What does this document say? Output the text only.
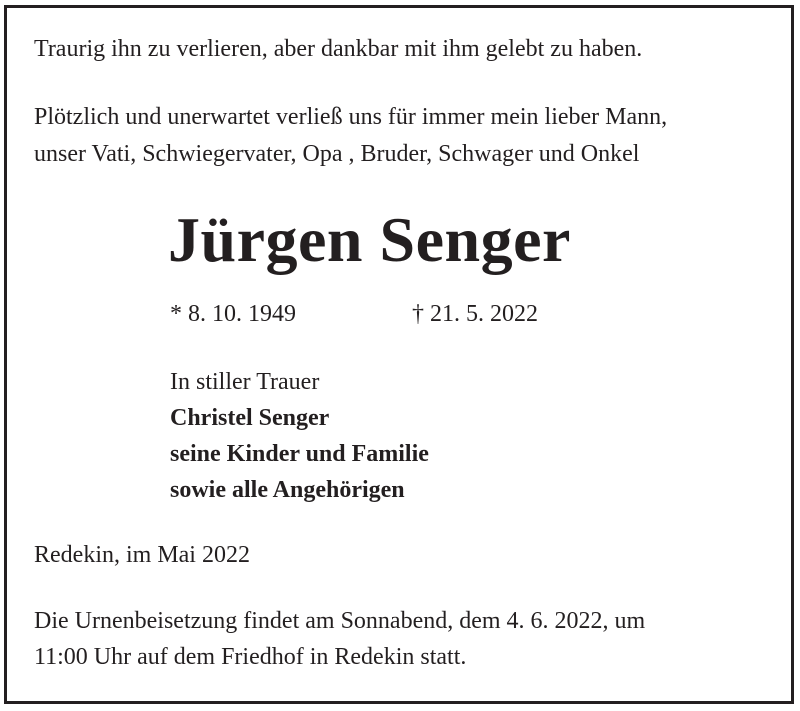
Traurig ihn zu verlieren, aber dankbar mit ihm gelebt zu haben.
Plötzlich und unerwartet verließ uns für immer mein lieber Mann,
unser Vati, Schwiegervater, Opa , Bruder, Schwager und Onkel
Jürgen Senger
* 8. 10. 1949	† 21. 5. 2022
In stiller Trauer
Christel Senger
seine Kinder und Familie
sowie alle Angehörigen
Redekin, im Mai 2022
Die Urnenbeisetzung findet am Sonnabend, dem 4. 6. 2022, um
11:00 Uhr auf dem Friedhof in Redekin statt.
